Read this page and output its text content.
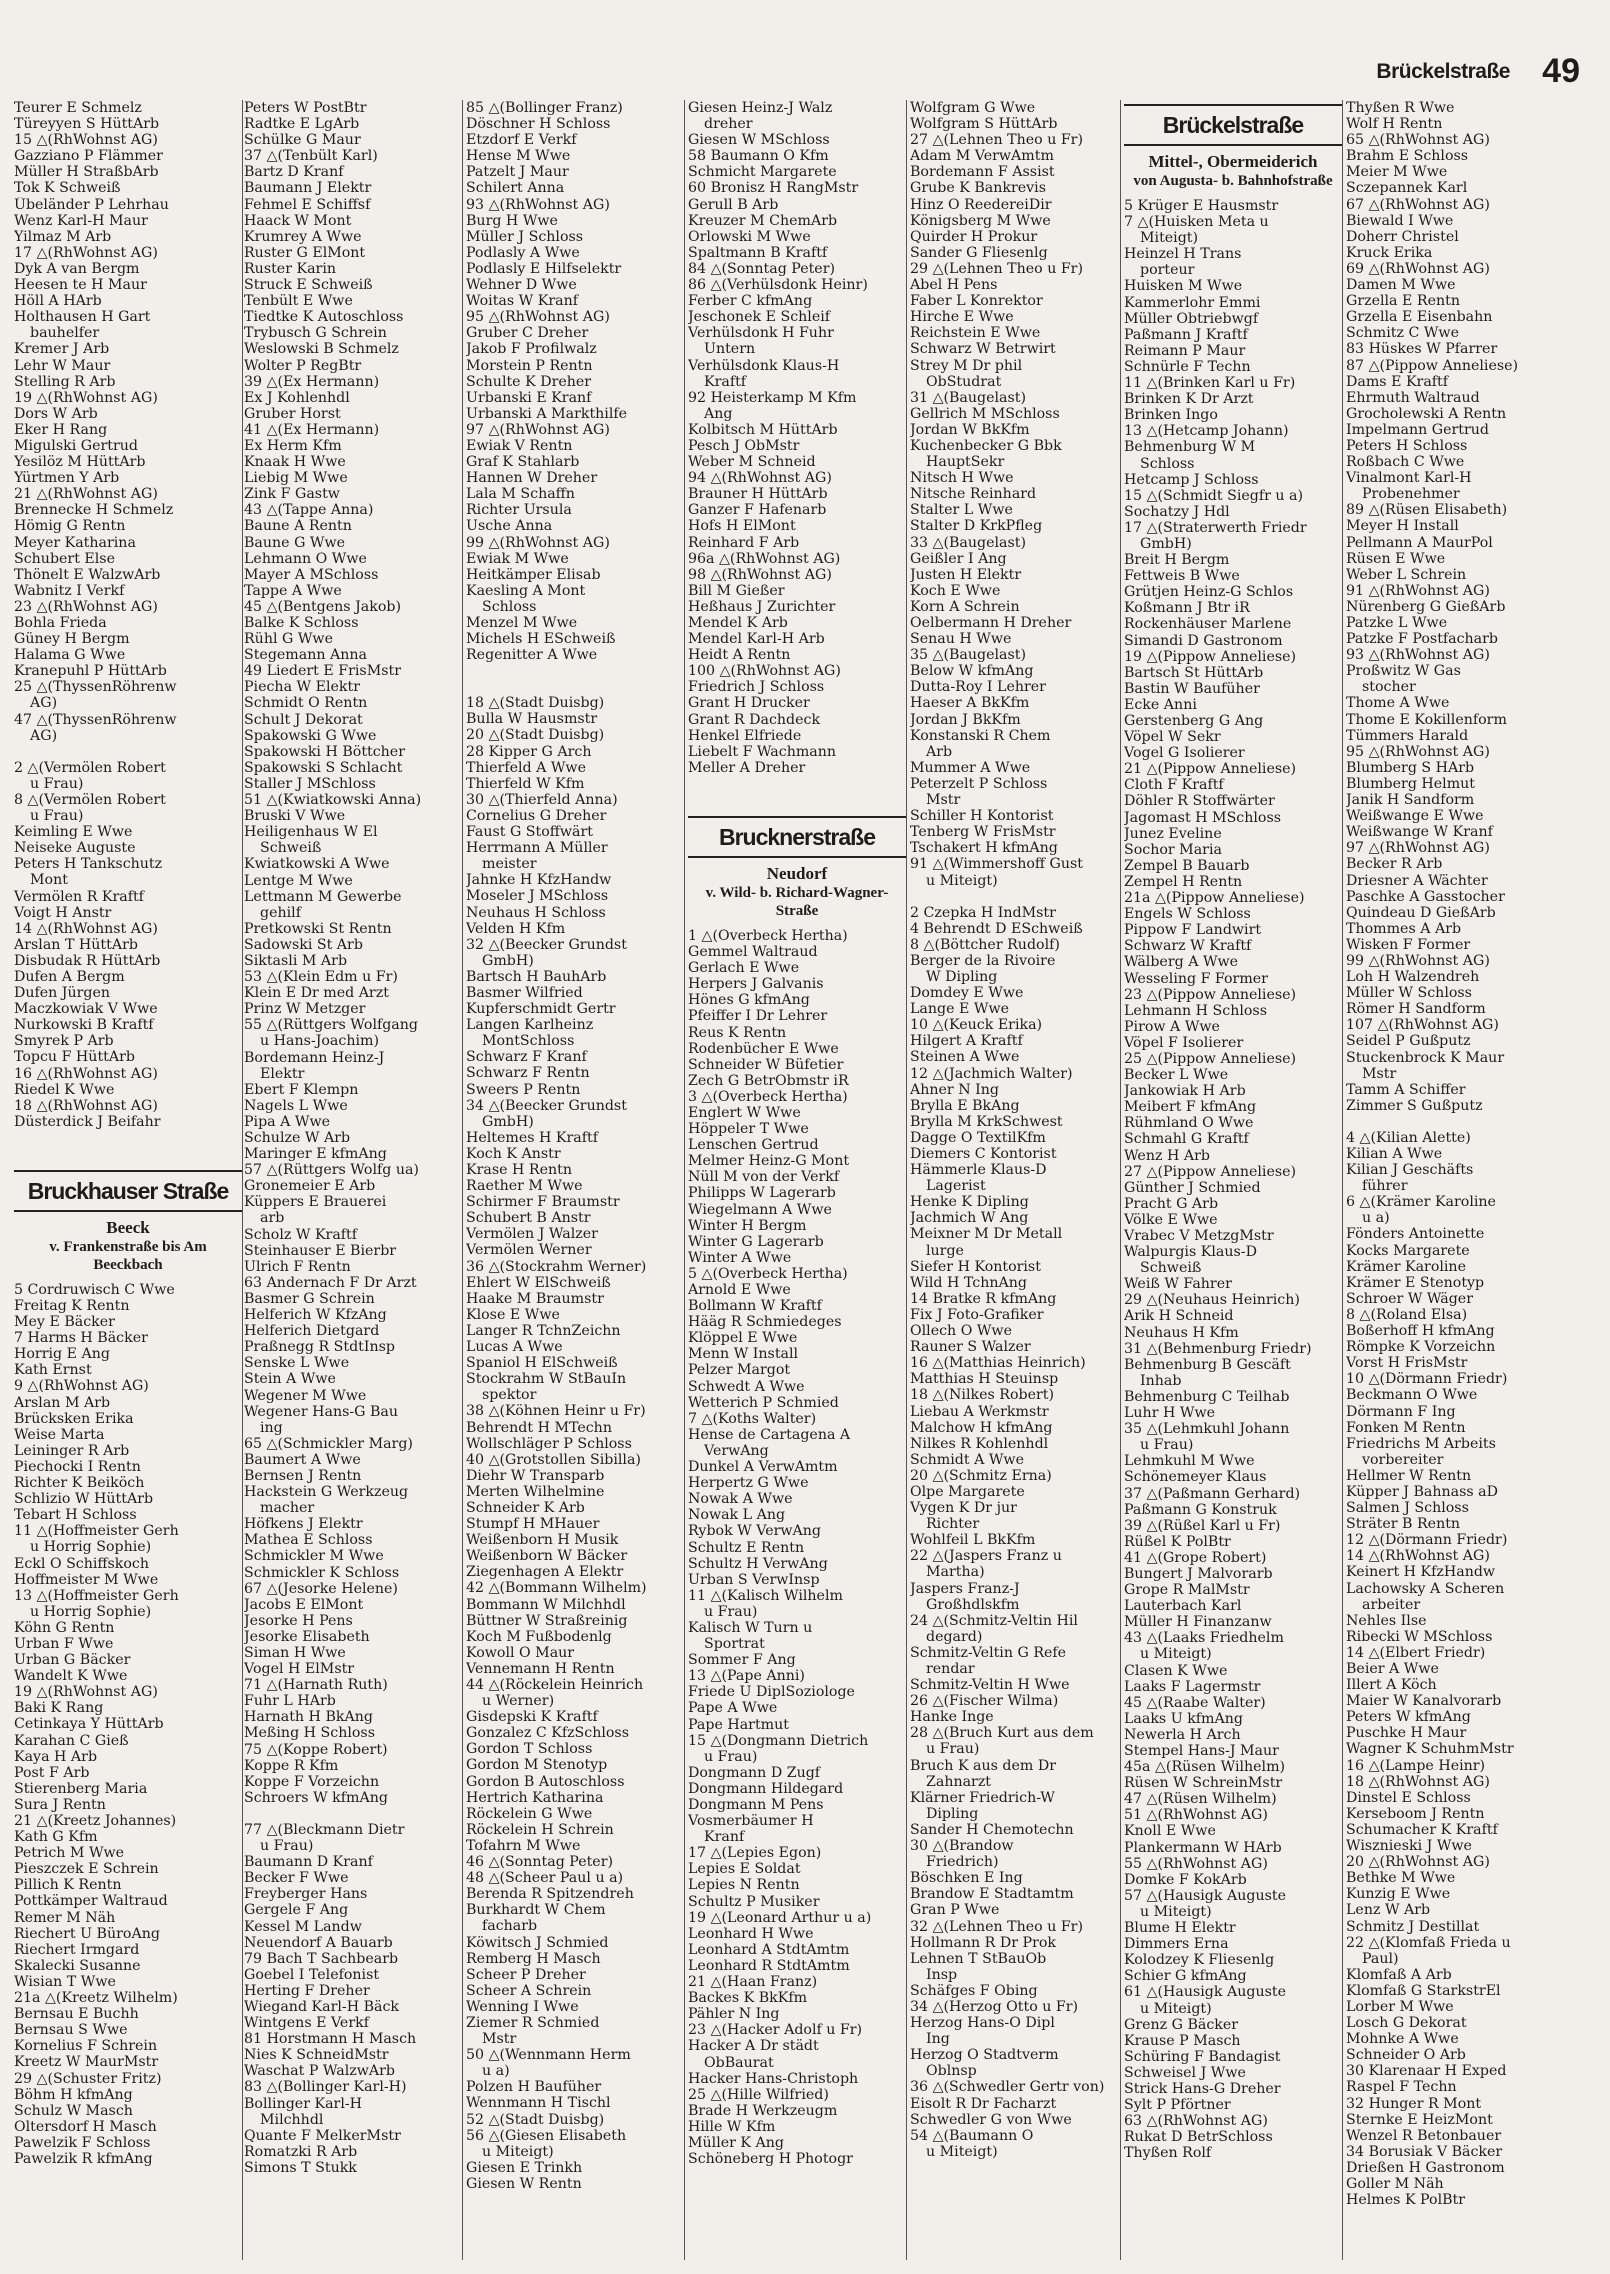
Brückelstraße 49
Teurer E Schmelz
Türeyyen S HüttArb
15 △(RhWohnst AG)
Gazziano P Flämmer
Müller H StraßbArb
Tok K Schweiß
Übeländer P Lehrhau
Wenz Karl-H Maur
Yilmaz M Arb
17 △(RhWohnst AG)
Dyk A van Bergm
Heesen te H Maur
Höll A HArb
Holthausen H Gart
bauhelfer
Kremer J Arb
Lehr W Maur
Stelling R Arb
19 △(RhWohnst AG)
Dors W Arb
Eker H Rang
Migulski Gertrud
Yesilöz M HüttArb
Yürtmen Y Arb
21 △(RhWohnst AG)
Brennecke H Schmelz
Hömig G Rentn
Meyer Katharina
Schubert Else
Thönelt E WalzwArb
Wabnitz I Verkf
23 △(RhWohnst AG)
Bohla Frieda
Güney H Bergm
Halama G Wwe
Kranepuhl P HüttArb
25 △(ThyssenRöhrenw
AG)
47 △(ThyssenRöhrenw
AG)
2 △(Vermölen Robert
u Frau)
8 △(Vermölen Robert
u Frau)
Keimling E Wwe
Neiseke Auguste
Peters H Tankschutz
Mont
Vermölen R Kraftf
Voigt H Anstr
14 △(RhWohnst AG)
Arslan T HüttArb
Disbudak R HüttArb
Dufen A Bergm
Dufen Jürgen
Maczkowiak V Wwe
Nurkowski B Kraftf
Smyrek P Arb
Topcu F HüttArb
16 △(RhWohnst AG)
Riedel K Wwe
18 △(RhWohnst AG)
Düsterdick J Beifahr
Bruckhauser Straße
Beeck
v. Frankenstraße bis Am Beeckbach
5 Cordruwisch C Wwe
Freitag K Rentn
Mey E Bäcker
7 Harms H Bäcker
Horrig E Ang
Kath Ernst
9 △(RhWohnst AG)
Arslan M Arb
Brücksken Erika
Weise Marta
Leininger R Arb
Piechocki I Rentn
Richter K Beiköch
Schlizio W HüttArb
Tebart H Schloss
11 △(Hoffmeister Gerh
u Horrig Sophie)
Eckl O Schiffskoch
Hoffmeister M Wwe
13 △(Hoffmeister Gerh
u Horrig Sophie)
Köhn G Rentn
Urban F Wwe
Urban G Bäcker
Wandelt K Wwe
19 △(RhWohnst AG)
Baki K Rang
Cetinkaya Y HüttArb
Karahan C Gieß
Kaya H Arb
Post F Arb
Stierenberg Maria
Sura J Rentn
21 △(Kreetz Johannes)
Kath G Kfm
Petrich M Wwe
Pieszczek E Schrein
Pillich K Rentn
Pottkämper Waltraud
Remer M Näh
Riechert U BüroAng
Riechert Irmgard
Skalecki Susanne
Wisian T Wwe
21a △(Kreetz Wilhelm)
Bernsau E Buchh
Bernsau S Wwe
Kornelius F Schrein
Kreetz W MaurMstr
29 △(Schuster Fritz)
Böhm H kfmAng
Schulz W Masch
Oltersdorf H Masch
Pawelzik F Schloss
Pawelzik R kfmAng
Peters W PostBtr
Radtke E LgArb
Schülke G Maur
37 △(Tenbült Karl)
Bartz D Kranf
Baumann J Elektr
Fehmel E Schiffsf
Haack W Mont
Krumrey A Wwe
Ruster G ElMont
Ruster Karin
Struck E Schweiß
Tenbült E Wwe
Tiedtke K Autoschloss
Trybusch G Schrein
Weslowski B Schmelz
Wolter P RegBtr
39 △(Ex Hermann)
Ex J Kohlenhdl
Gruber Horst
41 △(Ex Hermann)
Ex Herm Kfm
Knaak H Wwe
Liebig M Wwe
Zink F Gastw
43 △(Tappe Anna)
Baune A Rentn
Baune G Wwe
Lehmann O Wwe
Mayer A MSchloss
Tappe A Wwe
45 △(Bentgens Jakob)
Balke K Schloss
Rühl G Wwe
Stegemann Anna
49 Liedert E FrisMstr
Piecha W Elektr
Schmidt O Rentn
Schult J Dekorat
Spakowski G Wwe
Spakowski H Böttcher
Spakowski S Schlacht
Staller J MSchloss
51 △(Kwiatkowski Anna)
Bruski V Wwe
Heiligenhaus W El
Schweiß
Kwiatkowski A Wwe
Lentge M Wwe
Lettmann M Gewerbe
gehilf
Pretkowski St Rentn
Sadowski St Arb
Siktasli M Arb
53 △(Klein Edm u Fr)
Klein E Dr med Arzt
Prinz W Metzger
55 △(Rüttgers Wolfgang
u Hans-Joachim)
Bordemann Heinz-J
Elektr
Ebert F Klempn
Nagels L Wwe
Pipa A Wwe
Schulze W Arb
Maringer E kfmAng
57 △(Rüttgers Wolfg ua)
Gronemeier E Arb
Küppers E Brauerei
arb
Scholz W Kraftf
Steinhauser E Bierbr
Ulrich F Rentn
63 Andernach F Dr Arzt
Basmer G Schrein
Helferich W KfzAng
Helferich Dietgard
Praßnegg R StdtInsp
Senske L Wwe
Stein A Wwe
Wegener M Wwe
Wegener Hans-G Bau
ing
65 △(Schmickler Marg)
Baumert A Wwe
Bernsen J Rentn
Hackstein G Werkzeug
macher
Höfkens J Elektr
Mathea E Schloss
Schmickler M Wwe
Schmickler K Schloss
67 △(Jesorke Helene)
Jacobs E ElMont
Jesorke H Pens
Jesorke Elisabeth
Siman H Wwe
Vogel H ElMstr
71 △(Harnath Ruth)
Fuhr L HArb
Harnath H BkAng
Meßing H Schloss
75 △(Koppe Robert)
Koppe R Kfm
Koppe F Vorzeichn
Schroers W kfmAng
77 △(Bleckmann Dietr
u Frau)
Baumann D Kranf
Becker F Wwe
Freyberger Hans
Gergele F Ang
Kessel M Landw
Neuendorf A Bauarb
79 Bach T Sachbearb
Goebel I Telefonist
Herting F Dreher
Wiegand Karl-H Bäck
Wintgens E Verkf
81 Horstmann H Masch
Nies K SchneidMstr
Waschat P WalzwArb
83 △(Bollinger Karl-H)
Bollinger Karl-H
Milchhdl
Quante F MelkerMstr
Romatzki R Arb
Simons T Stukk
85 △(Bollinger Franz)
Döschner H Schloss
Etzdorf E Verkf
Hense M Wwe
Patzelt J Maur
Schilert Anna
93 △(RhWohnst AG)
Burg H Wwe
Müller J Schloss
Podlasly A Wwe
Podlasly E Hilfselektr
Wehner D Wwe
Woitas W Kranf
95 △(RhWohnst AG)
Gruber C Dreher
Jakob F Profilwalz
Morstein P Rentn
Schulte K Dreher
Urbanski E Kranf
Urbanski A Markthilfe
97 △(RhWohnst AG)
Ewiak V Rentn
Graf K Stahlarb
Hannen W Dreher
Lala M Schaffn
Richter Ursula
Usche Anna
99 △(RhWohnst AG)
Ewiak M Wwe
Heitkämper Elisab
Kaesling A Mont
Schloss
Menzel M Wwe
Michels H ESchweiß
Regenitter A Wwe
18 △(Stadt Duisbg)
Bulla W Hausmstr
20 △(Stadt Duisbg)
28 Kipper G Arch
Thierfeld A Wwe
Thierfeld W Kfm
30 △(Thierfeld Anna)
Cornelius G Dreher
Faust G Stoffwärt
Herrmann A Müller
meister
Jahnke H KfzHandw
Moseler J MSchloss
Neuhaus H Schloss
Velden H Kfm
32 △(Beecker Grundst
GmbH)
Bartsch H BauhArb
Basmer Wilfried
Kupferschmidt Gertr
Langen Karlheinz
MontSchloss
Schwarz F Kranf
Schwarz F Rentn
Sweers P Rentn
34 △(Beecker Grundst
GmbH)
Heltemes H Kraftf
Koch K Anstr
Krase H Rentn
Raether M Wwe
Schirmer F Braumstr
Schubert B Anstr
Vermölen J Walzer
Vermölen Werner
36 △(Stockrahm Werner)
Ehlert W ElSchweiß
Haake M Braumstr
Klose E Wwe
Langer R TchnZeichn
Lucas A Wwe
Spaniol H ElSchweiß
Stockrahm W StBauIn
spektor
38 △(Köhnen Heinr u Fr)
Behrendt H MTechn
Wollschläger P Schloss
40 △(Grotstollen Sibilla)
Diehr W Transparb
Merten Wilhelmine
Schneider K Arb
Stumpf H MHauer
Weißenborn H Musik
Weißenborn W Bäcker
Ziegenhagen A Elektr
42 △(Bommann Wilhelm)
Bommann W Milchhdl
Büttner W Straßreinig
Koch M Fußbodenlg
Kowoll O Maur
Vennemann H Rentn
44 △(Röckelein Heinrich
u Werner)
Gisdepski K Kraftf
Gonzalez C KfzSchloss
Gordon T Schloss
Gordon M Stenotyp
Gordon B Autoschloss
Hertrich Katharina
Röckelein G Wwe
Röckelein H Schrein
Tofahrn M Wwe
46 △(Sonntag Peter)
48 △(Scheer Paul u a)
Berenda R Spitzendreh
Burkhardt W Chem
facharb
Köwitsch J Schmied
Remberg H Masch
Scheer P Dreher
Scheer A Schrein
Wenning I Wwe
Ziemer R Schmied
Mstr
50 △(Wennmann Herm
u a)
Polzen H Baufüher
Wennmann H Tischl
52 △(Stadt Duisbg)
56 △(Giesen Elisabeth
u Miteigt)
Giesen E Trinkh
Giesen W Rentn
Giesen Heinz-J Walz
dreher
Giesen W MSchloss
58 Baumann O Kfm
Schmicht Margarete
60 Bronisz H RangMstr
Gerull B Arb
Kreuzer M ChemArb
Orlowski M Wwe
Spaltmann B Kraftf
84 △(Sonntag Peter)
86 △(Verhülsdonk Heinr)
Ferber C kfmAng
Jeschonek E Schleif
Verhülsdonk H Fuhr
Untern
Verhülsdonk Klaus-H
Kraftf
92 Heisterkamp M Kfm
Ang
Kolbitsch M HüttArb
Pesch J ObMstr
Weber M Schneid
94 △(RhWohnst AG)
Brauner H HüttArb
Ganzer F Hafenarb
Hofs H ElMont
Reinhard F Arb
96a △(RhWohnst AG)
98 △(RhWohnst AG)
Bill M Gießer
Heßhaus J Zurichter
Mendel K Arb
Mendel Karl-H Arb
Heidt A Rentn
100 △(RhWohnst AG)
Friedrich J Schloss
Grant H Drucker
Grant R Dachdeck
Henkel Elfriede
Liebelt F Wachmann
Meller A Dreher
Brucknerstraße
Neudorf
v. Wild- b. Richard-Wagner-Straße
1 △(Overbeck Hertha)
Gemmel Waltraud
Gerlach E Wwe
Herpers J Galvanis
Hönes G kfmAng
Pfeiffer I Dr Lehrer
Reus K Rentn
Rodenbücher E Wwe
Schneider W Büfetier
Zech G BetrObmstr iR
3 △(Overbeck Hertha)
Englert W Wwe
Höppeler T Wwe
Lenschen Gertrud
Melmer Heinz-G Mont
Nüll M von der Verkf
Philipps W Lagerarb
Wiegelmann A Wwe
Winter H Bergm
Winter G Lagerarb
Winter A Wwe
5 △(Overbeck Hertha)
Arnold E Wwe
Bollmann W Kraftf
Hääg R Schmiedeges
Klöppel E Wwe
Menn W Install
Pelzer Margot
Schwedt A Wwe
Wetterich P Schmied
7 △(Koths Walter)
Hense de Cartagena A
VerwAng
Dunkel A VerwAmtm
Herpertz G Wwe
Nowak A Wwe
Nowak L Ang
Rybok W VerwAng
Schultz E Rentn
Schultz H VerwAng
Urban S VerwInsp
11 △(Kalisch Wilhelm
u Frau)
Kalisch W Turn u
Sportrat
Sommer F Ang
13 △(Pape Anni)
Friede U DiplSoziologe
Pape A Wwe
Pape Hartmut
15 △(Dongmann Dietrich
u Frau)
Dongmann D Zugf
Dongmann Hildegard
Dongmann M Pens
Vosmerbäumer H
Kranf
17 △(Lepies Egon)
Lepies E Soldat
Lepies N Rentn
Schultz P Musiker
19 △(Leonard Arthur u a)
Leonhard H Wwe
Leonhard A StdtAmtm
Leonhard R StdtAmtm
21 △(Haan Franz)
Backes K BkKfm
Pähler N Ing
23 △(Hacker Adolf u Fr)
Hacker A Dr städt
ObBaurat
Hacker Hans-Christoph
25 △(Hille Wilfried)
Brade H Werkzeugm
Hille W Kfm
Müller K Ang
Schöneberg H Photogr
Wolfgram G Wwe
Wolfgram S HüttArb
27 △(Lehnen Theo u Fr)
Adam M VerwAmtm
Bordemann F Assist
Grube K Bankrevis
Hinz O ReedereiDir
Königsberg M Wwe
Quirder H Prokur
Sander G Fliesenlg
29 △(Lehnen Theo u Fr)
Abel H Pens
Faber L Konrektor
Hirche E Wwe
Reichstein E Wwe
Schwarz W Betrwirt
Strey M Dr phil
ObStudrat
31 △(Baugelast)
Gellrich M MSchloss
Jordan W BkKfm
Kuchenbecker G Bbk
HauptSekr
Nitsch H Wwe
Nitsche Reinhard
Stalter L Wwe
Stalter D KrkPfleg
33 △(Baugelast)
Geißler I Ang
Justen H Elektr
Koch E Wwe
Korn A Schrein
Oelbermann H Dreher
Senau H Wwe
35 △(Baugelast)
Below W kfmAng
Dutta-Roy I Lehrer
Haeser A BkKfm
Jordan J BkKfm
Konstanski R Chem
Arb
Mummer A Wwe
Peterzelt P Schloss
Mstr
Schiller H Kontorist
Tenberg W FrisMstr
Tschakert H kfmAng
91 △(Wimmershoff Gust
u Miteigt)
2 Czepka H IndMstr
4 Behrendt D ESchweiß
8 △(Böttcher Rudolf)
Berger de la Rivoire
W Dipling
Domdey E Wwe
Lange E Wwe
10 △(Keuck Erika)
Hilgert A Kraftf
Steinen A Wwe
12 △(Jachmich Walter)
Ahner N Ing
Brylla E BkAng
Brylla M KrkSchwest
Dagge O TextilKfm
Diemers C Kontorist
Hämmerle Klaus-D
Lagerist
Henke K Dipling
Jachmich W Ang
Meixner M Dr Metall
lurge
Siefer H Kontorist
Wild H TchnAng
14 Bratke R kfmAng
Fix J Foto-Grafiker
Ollech O Wwe
Rauner S Walzer
16 △(Matthias Heinrich)
Matthias H Steuinsp
18 △(Nilkes Robert)
Liebau A Werkmstr
Malchow H kfmAng
Nilkes R Kohlenhdl
Schmidt A Wwe
20 △(Schmitz Erna)
Olpe Margarete
Vygen K Dr jur
Richter
Wohlfeil L BkKfm
22 △(Jaspers Franz u
Martha)
Jaspers Franz-J
Großhdlskfm
24 △(Schmitz-Veltin Hil
degard)
Schmitz-Veltin G Refe
rendar
Schmitz-Veltin H Wwe
26 △(Fischer Wilma)
Hanke Inge
28 △(Bruch Kurt aus dem
u Frau)
Bruch K aus dem Dr
Zahnarzt
Klärner Friedrich-W
Dipling
Sander H Chemotechn
30 △(Brandow
Friedrich)
Böschken E Ing
Brandow E Stadtamtm
Gran P Wwe
32 △(Lehnen Theo u Fr)
Hollmann R Dr Prok
Lehnen T StBauOb
Insp
Schäfges F Obing
34 △(Herzog Otto u Fr)
Herzog Hans-O Dipl
Ing
Herzog O Stadtverm
Oblnsp
36 △(Schwedler Gertr von)
Eisolt R Dr Facharzt
Schwedler G von Wwe
54 △(Baumann O
u Miteigt)
Brückelstraße
Mittel-, Obermeiderich
von Augusta- b. Bahnhofstraße
5 Krüger E Hausmstr
7 △(Huisken Meta u
Miteigt)
Heinzel H Trans
porteur
Huisken M Wwe
Kammerlohr Emmi
Müller Obtriebwgf
Paßmann J Kraftf
Reimann P Maur
Schnürle F Techn
11 △(Brinken Karl u Fr)
Brinken K Dr Arzt
Brinken Ingo
13 △(Hetcamp Johann)
Behmenburg W M
Schloss
Hetcamp J Schloss
15 △(Schmidt Siegfr u a)
Sochatzy J Hdl
17 △(Straterwerth Friedr
GmbH)
Breit H Bergm
Fettweis B Wwe
Grütjen Heinz-G Schlos
Koßmann J Btr iR
Rockenhäuser Marlene
Simandi D Gastronom
19 △(Pippow Anneliese)
Bartsch St HüttArb
Bastin W Baufüher
Ecke Anni
Gerstenberg G Ang
Vöpel W Sekr
Vogel G Isolierer
21 △(Pippow Anneliese)
Cloth F Kraftf
Döhler R Stoffwärter
Jagomast H MSchloss
Junez Eveline
Sochor Maria
Zempel B Bauarb
Zempel H Rentn
21a △(Pippow Anneliese)
Engels W Schloss
Pippow F Landwirt
Schwarz W Kraftf
Wälberg A Wwe
Wesseling F Former
23 △(Pippow Anneliese)
Lehmann H Schloss
Pirow A Wwe
Vöpel F Isolierer
25 △(Pippow Anneliese)
Becker L Wwe
Jankowiak H Arb
Meibert F kfmAng
Rühmland O Wwe
Schmahl G Kraftf
Wenz H Arb
27 △(Pippow Anneliese)
Günther J Schmied
Pracht G Arb
Völke E Wwe
Vrabec V MetzgMstr
Walpurgis Klaus-D
Schweiß
Weiß W Fahrer
29 △(Neuhaus Heinrich)
Arik H Schneid
Neuhaus H Kfm
31 △(Behmenburg Friedr)
Behmenburg B Gescäft
Inhab
Behmenburg C Teilhab
Luhr H Wwe
35 △(Lehmkuhl Johann
u Frau)
Lehmkuhl M Wwe
Schönemeyer Klaus
37 △(Paßmann Gerhard)
Paßmann G Konstruk
39 △(Rüßel Karl u Fr)
Rüßel K PolBtr
41 △(Grope Robert)
Bungert J Malvorarb
Grope R MalMstr
Lauterbach Karl
Müller H Finanzanw
43 △(Laaks Friedhelm
u Miteigt)
Clasen K Wwe
Laaks F Lagermstr
45 △(Raabe Walter)
Laaks U kfmAng
Newerla H Arch
Stempel Hans-J Maur
45a △(Rüsen Wilhelm)
Rüsen W SchreinMstr
47 △(Rüsen Wilhelm)
51 △(RhWohnst AG)
Knoll E Wwe
Plankermann W HArb
55 △(RhWohnst AG)
Domke F KokArb
57 △(Hausigk Auguste
u Miteigt)
Blume H Elektr
Dimmers Erna
Kolodzey K Fliesenlg
Schier G kfmAng
61 △(Hausigk Auguste
u Miteigt)
Grenz G Bäcker
Krause P Masch
Schüring F Bandagist
Schweisel J Wwe
Strick Hans-G Dreher
Sylt P Pförtner
63 △(RhWohnst AG)
Rukat D BetrSchloss
Thyßen Rolf
Thyßen R Wwe
Wolf H Rentn
65 △(RhWohnst AG)
Brahm E Schloss
Meier M Wwe
Sczepannek Karl
67 △(RhWohnst AG)
Biewald I Wwe
Doherr Christel
Kruck Erika
69 △(RhWohnst AG)
Damen M Wwe
Grzella E Rentn
Grzella E Eisenbahn
Schmitz C Wwe
83 Hüskes W Pfarrer
87 △(Pippow Anneliese)
Dams E Kraftf
Ehrmuth Waltraud
Grocholewski A Rentn
Impelmann Gertrud
Peters H Schloss
Roßbach C Wwe
Vinalmont Karl-H
Probenehmer
89 △(Rüsen Elisabeth)
Meyer H Install
Pellmann A MaurPol
Rüsen E Wwe
Weber L Schrein
91 △(RhWohnst AG)
Nürenberg G GießArb
Patzke L Wwe
Patzke F Postfacharb
93 △(RhWohnst AG)
Proßwitz W Gas
stocher
Thome A Wwe
Thome E Kokillenform
Tümmers Harald
95 △(RhWohnst AG)
Blumberg S HArb
Blumberg Helmut
Janik H Sandform
Weißwange E Wwe
Weißwange W Kranf
97 △(RhWohnst AG)
Becker R Arb
Driesner A Wächter
Paschke A Gasstocher
Quindeau D GießArb
Thommes A Arb
Wisken F Former
99 △(RhWohnst AG)
Loh H Walzendreh
Müller W Schloss
Römer H Sandform
107 △(RhWohnst AG)
Seidel P Gußputz
Stuckenbrock K Maur
Mstr
Tamm A Schiffer
Zimmer S Gußputz
4 △(Kilian Alette)
Kilian A Wwe
Kilian J Geschäfts
führer
6 △(Krämer Karoline
u a)
Fönders Antoinette
Kocks Margarete
Krämer Karoline
Krämer E Stenotyp
Schroer W Wäger
8 △(Roland Elsa)
Boßerhoff H kfmAng
Römpke K Vorzeichn
Vorst H FrisMstr
10 △(Dörmann Friedr)
Beckmann O Wwe
Dörmann F Ing
Fonken M Rentn
Friedrichs M Arbeits
vorbereiter
Hellmer W Rentn
Küpper J Bahnass aD
Salmen J Schloss
Sträter B Rentn
12 △(Dörmann Friedr)
14 △(RhWohnst AG)
Keinert H KfzHandw
Lachowsky A Scheren
arbeiter
Nehles Ilse
Ribecki W MSchloss
14 △(Elbert Friedr)
Beier A Wwe
Illert A Köch
Maier W Kanalvorarb
Peters W kfmAng
Puschke H Maur
Wagner K SchuhmMstr
16 △(Lampe Heinr)
18 △(RhWohnst AG)
Dinstel E Schloss
Kerseboom J Rentn
Schumacher K Kraftf
Wisznieski J Wwe
20 △(RhWohnst AG)
Bethke M Wwe
Kunzig E Wwe
Lenz W Arb
Schmitz J Destillat
22 △(Klomfaß Frieda u
Paul)
Klomfaß A Arb
Klomfaß G StarkstrEl
Lorber M Wwe
Losch G Dekorat
Mohnke A Wwe
Schneider O Arb
30 Klarenaar H Exped
Raspel F Techn
32 Hunger R Mont
Sternke E HeizMont
Wenzel R Betonbauer
34 Borusiak V Bäcker
Drießen H Gastronom
Goller M Näh
Helmes K PolBtr
